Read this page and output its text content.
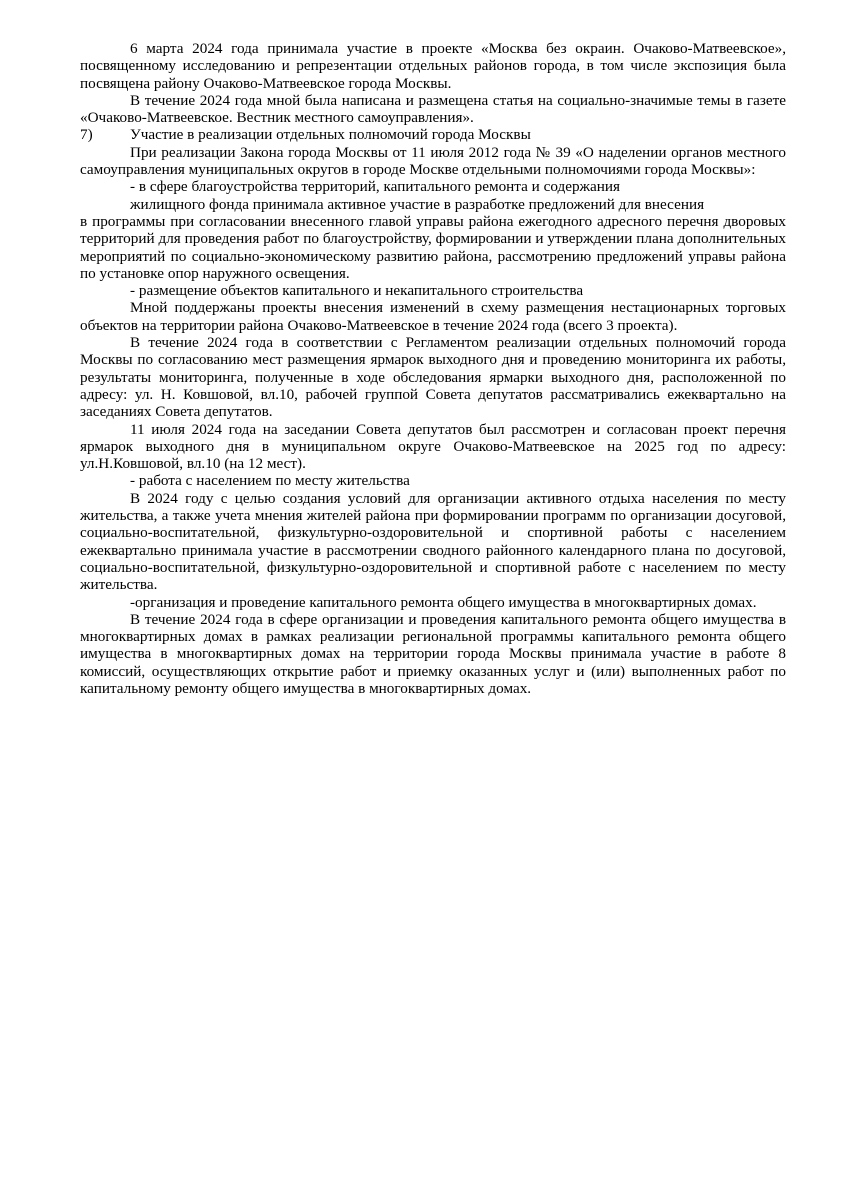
6 марта 2024 года принимала участие в проекте «Москва без окраин. Очаково-Матвеевское», посвященному исследованию и репрезентации отдельных районов города, в том числе экспозиция была посвящена району Очаково-Матвеевское города Москвы.

В течение 2024 года мной была написана и размещена статья на социально-значимые темы в газете «Очаково-Матвеевское. Вестник местного самоуправления».

7)	Участие в реализации отдельных полномочий города Москвы

При реализации Закона города Москвы от 11 июля 2012 года № 39 «О наделении органов местного самоуправления муниципальных округов в городе Москве отдельными полномочиями города Москвы»:

- в сфере благоустройства территорий, капитального ремонта и содержания

жилищного фонда принимала активное участие в разработке предложений для внесения

в программы при согласовании внесенного главой управы района ежегодного адресного перечня дворовых территорий для проведения работ по благоустройству, формировании и утверждении плана дополнительных мероприятий по социально-экономическому развитию района, рассмотрению предложений управы района по установке опор наружного освещения.

- размещение объектов капитального и некапитального строительства

Мной поддержаны проекты внесения изменений в схему размещения нестационарных торговых объектов на территории района Очаково-Матвеевское в течение 2024 года (всего 3 проекта).

В течение 2024 года в соответствии с Регламентом реализации отдельных полномочий города Москвы по согласованию мест размещения ярмарок выходного дня и проведению мониторинга их работы, результаты мониторинга, полученные в ходе обследования ярмарки выходного дня, расположенной по адресу: ул. Н. Ковшовой, вл.10, рабочей группой Совета депутатов рассматривались ежеквартально на заседаниях Совета депутатов.

11 июля 2024 года на заседании Совета депутатов был рассмотрен и согласован проект перечня ярмарок выходного дня в муниципальном округе Очаково-Матвеевское на 2025 год по адресу: ул.Н.Ковшовой, вл.10 (на 12 мест).

- работа с населением по месту жительства

В 2024 году с целью создания условий для организации активного отдыха населения по месту жительства, а также учета мнения жителей района при формировании программ по организации досуговой, социально-воспитательной, физкультурно-оздоровительной и спортивной работы с населением ежеквартально принимала участие в рассмотрении сводного районного календарного плана по досуговой, социально-воспитательной, физкультурно-оздоровительной и спортивной работе с населением по месту жительства.

-организация и проведение капитального ремонта общего имущества в многоквартирных домах.

В течение 2024 года в сфере организации и проведения капитального ремонта общего имущества в многоквартирных домах в рамках реализации региональной программы капитального ремонта общего имущества в многоквартирных домах на территории города Москвы принимала участие в работе 8 комиссий, осуществляющих открытие работ и приемку оказанных услуг и (или) выполненных работ по капитальному ремонту общего имущества в многоквартирных домах.
